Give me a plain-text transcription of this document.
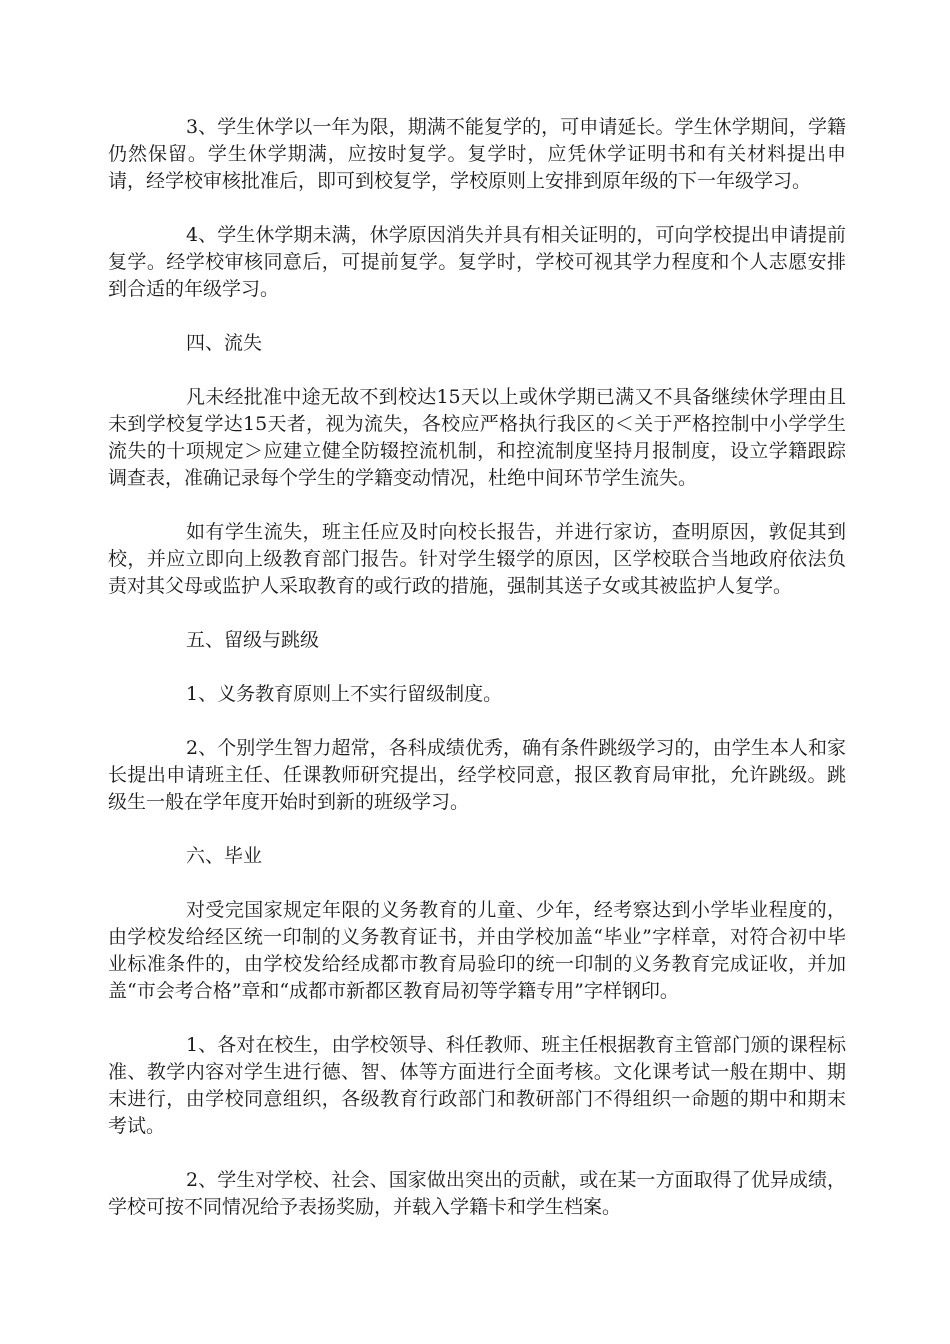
3、学生休学以一年为限，期满不能复学的，可申请延长。学生休学期间，学籍仍然保留。学生休学期满，应按时复学。复学时，应凭休学证明书和有关材料提出申请，经学校审核批准后，即可到校复学，学校原则上安排到原年级的下一年级学习。

4、学生休学期未满，休学原因消失并具有相关证明的，可向学校提出申请提前复学。经学校审核同意后，可提前复学。复学时，学校可视其学力程度和个人志愿安排到合适的年级学习。

四、流失

凡未经批准中途无故不到校达15天以上或休学期已满又不具备继续休学理由且未到学校复学达15天者，视为流失，各校应严格执行我区的＜关于严格控制中小学学生流失的十项规定＞应建立健全防辍控流机制，和控流制度坚持月报制度，设立学籍跟踪调查表，准确记录每个学生的学籍变动情况，杜绝中间环节学生流失。

如有学生流失，班主任应及时向校长报告，并进行家访，查明原因，敦促其到校，并应立即向上级教育部门报告。针对学生辍学的原因，区学校联合当地政府依法负责对其父母或监护人采取教育的或行政的措施，强制其送子女或其被监护人复学。

五、留级与跳级

1、义务教育原则上不实行留级制度。

2、个别学生智力超常，各科成绩优秀，确有条件跳级学习的，由学生本人和家长提出申请班主任、任课教师研究提出，经学校同意，报区教育局审批，允许跳级。跳级生一般在学年度开始时到新的班级学习。

六、毕业

对受完国家规定年限的义务教育的儿童、少年，经考察达到小学毕业程度的，由学校发给经区统一印制的义务教育证书，并由学校加盖“毕业”字样章，对符合初中毕业标准条件的，由学校发给经成都市教育局验印的统一印制的义务教育完成证收，并加盖“市会考合格”章和“成都市新都区教育局初等学籍专用”字样钢印。

1、各对在校生，由学校领导、科任教师、班主任根据教育主管部门颁的课程标准、教学内容对学生进行德、智、体等方面进行全面考核。文化课考试一般在期中、期末进行，由学校同意组织，各级教育行政部门和教研部门不得组织一命题的期中和期末考试。

2、学生对学校、社会、国家做出突出的贡献，或在某一方面取得了优异成绩，学校可按不同情况给予表扬奖励，并载入学籍卡和学生档案。
